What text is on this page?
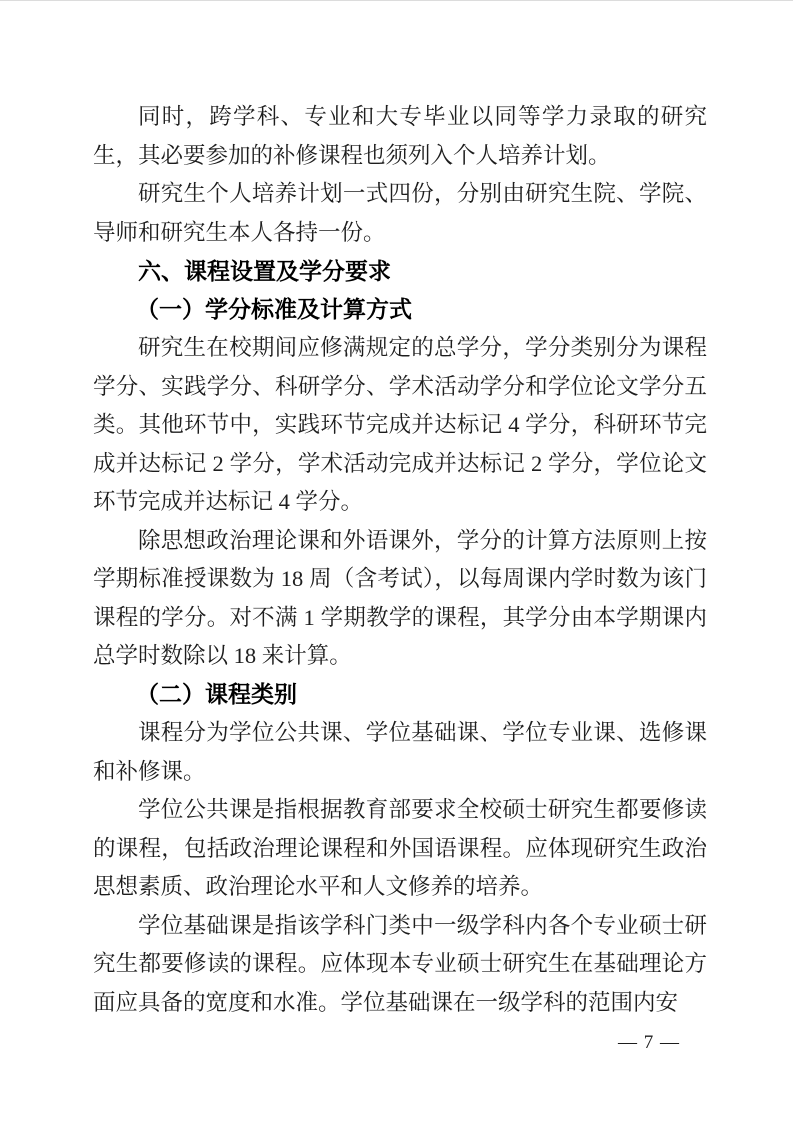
同时，跨学科、专业和大专毕业以同等学力录取的研究生，其必要参加的补修课程也须列入个人培养计划。

研究生个人培养计划一式四份，分别由研究生院、学院、导师和研究生本人各持一份。

六、课程设置及学分要求
（一）学分标准及计算方式

研究生在校期间应修满规定的总学分，学分类别分为课程学分、实践学分、科研学分、学术活动学分和学位论文学分五类。其他环节中，实践环节完成并达标记 4 学分，科研环节完成并达标记 2 学分，学术活动完成并达标记 2 学分，学位论文环节完成并达标记 4 学分。

除思想政治理论课和外语课外，学分的计算方法原则上按学期标准授课数为 18 周（含考试），以每周课内学时数为该门课程的学分。对不满 1 学期教学的课程，其学分由本学期课内总学时数除以 18 来计算。

（二）课程类别

课程分为学位公共课、学位基础课、学位专业课、选修课和补修课。

学位公共课是指根据教育部要求全校硕士研究生都要修读的课程，包括政治理论课程和外国语课程。应体现研究生政治思想素质、政治理论水平和人文修养的培养。

学位基础课是指该学科门类中一级学科内各个专业硕士研究生都要修读的课程。应体现本专业硕士研究生在基础理论方面应具备的宽度和水准。学位基础课在一级学科的范围内安

— 7 —
